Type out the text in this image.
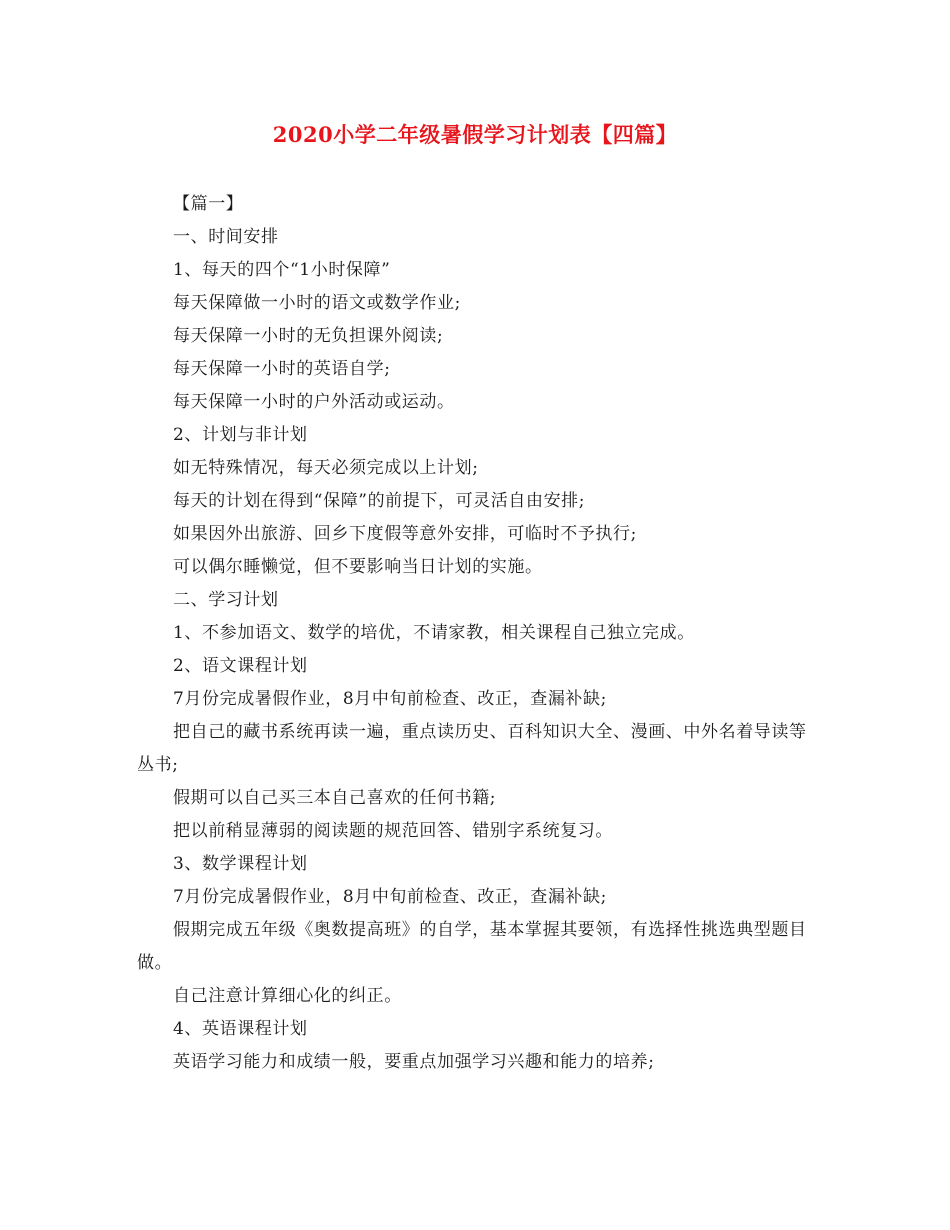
2020小学二年级暑假学习计划表【四篇】

【篇一】

一、时间安排

1、每天的四个“1小时保障”

每天保障做一小时的语文或数学作业;

每天保障一小时的无负担课外阅读;

每天保障一小时的英语自学;

每天保障一小时的户外活动或运动。

2、计划与非计划

如无特殊情况，每天必须完成以上计划;

每天的计划在得到“保障”的前提下，可灵活自由安排;

如果因外出旅游、回乡下度假等意外安排，可临时不予执行;

可以偶尔睡懒觉，但不要影响当日计划的实施。

二、学习计划

1、不参加语文、数学的培优，不请家教，相关课程自己独立完成。

2、语文课程计划

7月份完成暑假作业，8月中旬前检查、改正，查漏补缺;

把自己的藏书系统再读一遍，重点读历史、百科知识大全、漫画、中外名着导读等丛书;

假期可以自己买三本自己喜欢的任何书籍;

把以前稍显薄弱的阅读题的规范回答、错别字系统复习。

3、数学课程计划

7月份完成暑假作业，8月中旬前检查、改正，查漏补缺;

假期完成五年级《奥数提高班》的自学，基本掌握其要领，有选择性挑选典型题目做。

自己注意计算细心化的纠正。

4、英语课程计划

英语学习能力和成绩一般，要重点加强学习兴趣和能力的培养;
